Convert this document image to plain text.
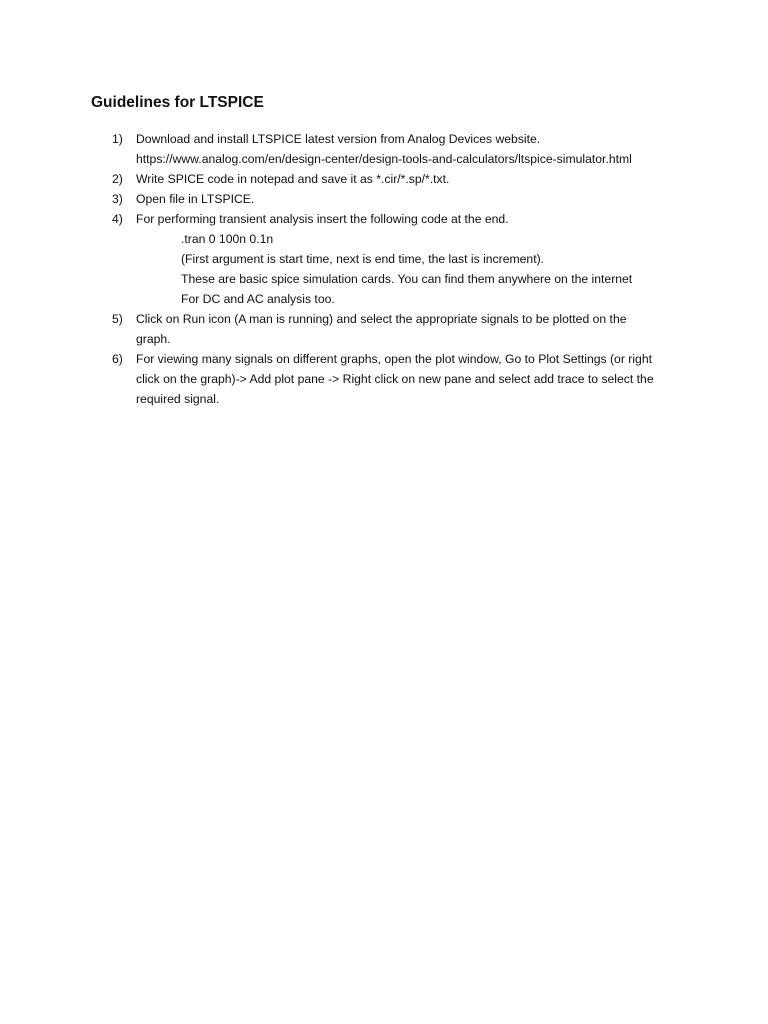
Guidelines for LTSPICE
1)	Download and install LTSPICE latest version from Analog Devices website.
https://www.analog.com/en/design-center/design-tools-and-calculators/ltspice-simulator.html
2)	Write SPICE code in notepad and save it as *.cir/*.sp/*.txt.
3)	Open file in LTSPICE.
4)	For performing transient analysis insert the following code at the end.
.tran 0 100n 0.1n
(First argument is start time, next is end time, the last is increment).
These are basic spice simulation cards. You can find them anywhere on the internet
For DC and AC analysis too.
5)	Click on Run icon (A man is running) and select the appropriate signals to be plotted on the
graph.
6)	For viewing many signals on different graphs, open the plot window, Go to Plot Settings (or right
click on the graph)-> Add plot pane -> Right click on new pane and select add trace to select the
required signal.
